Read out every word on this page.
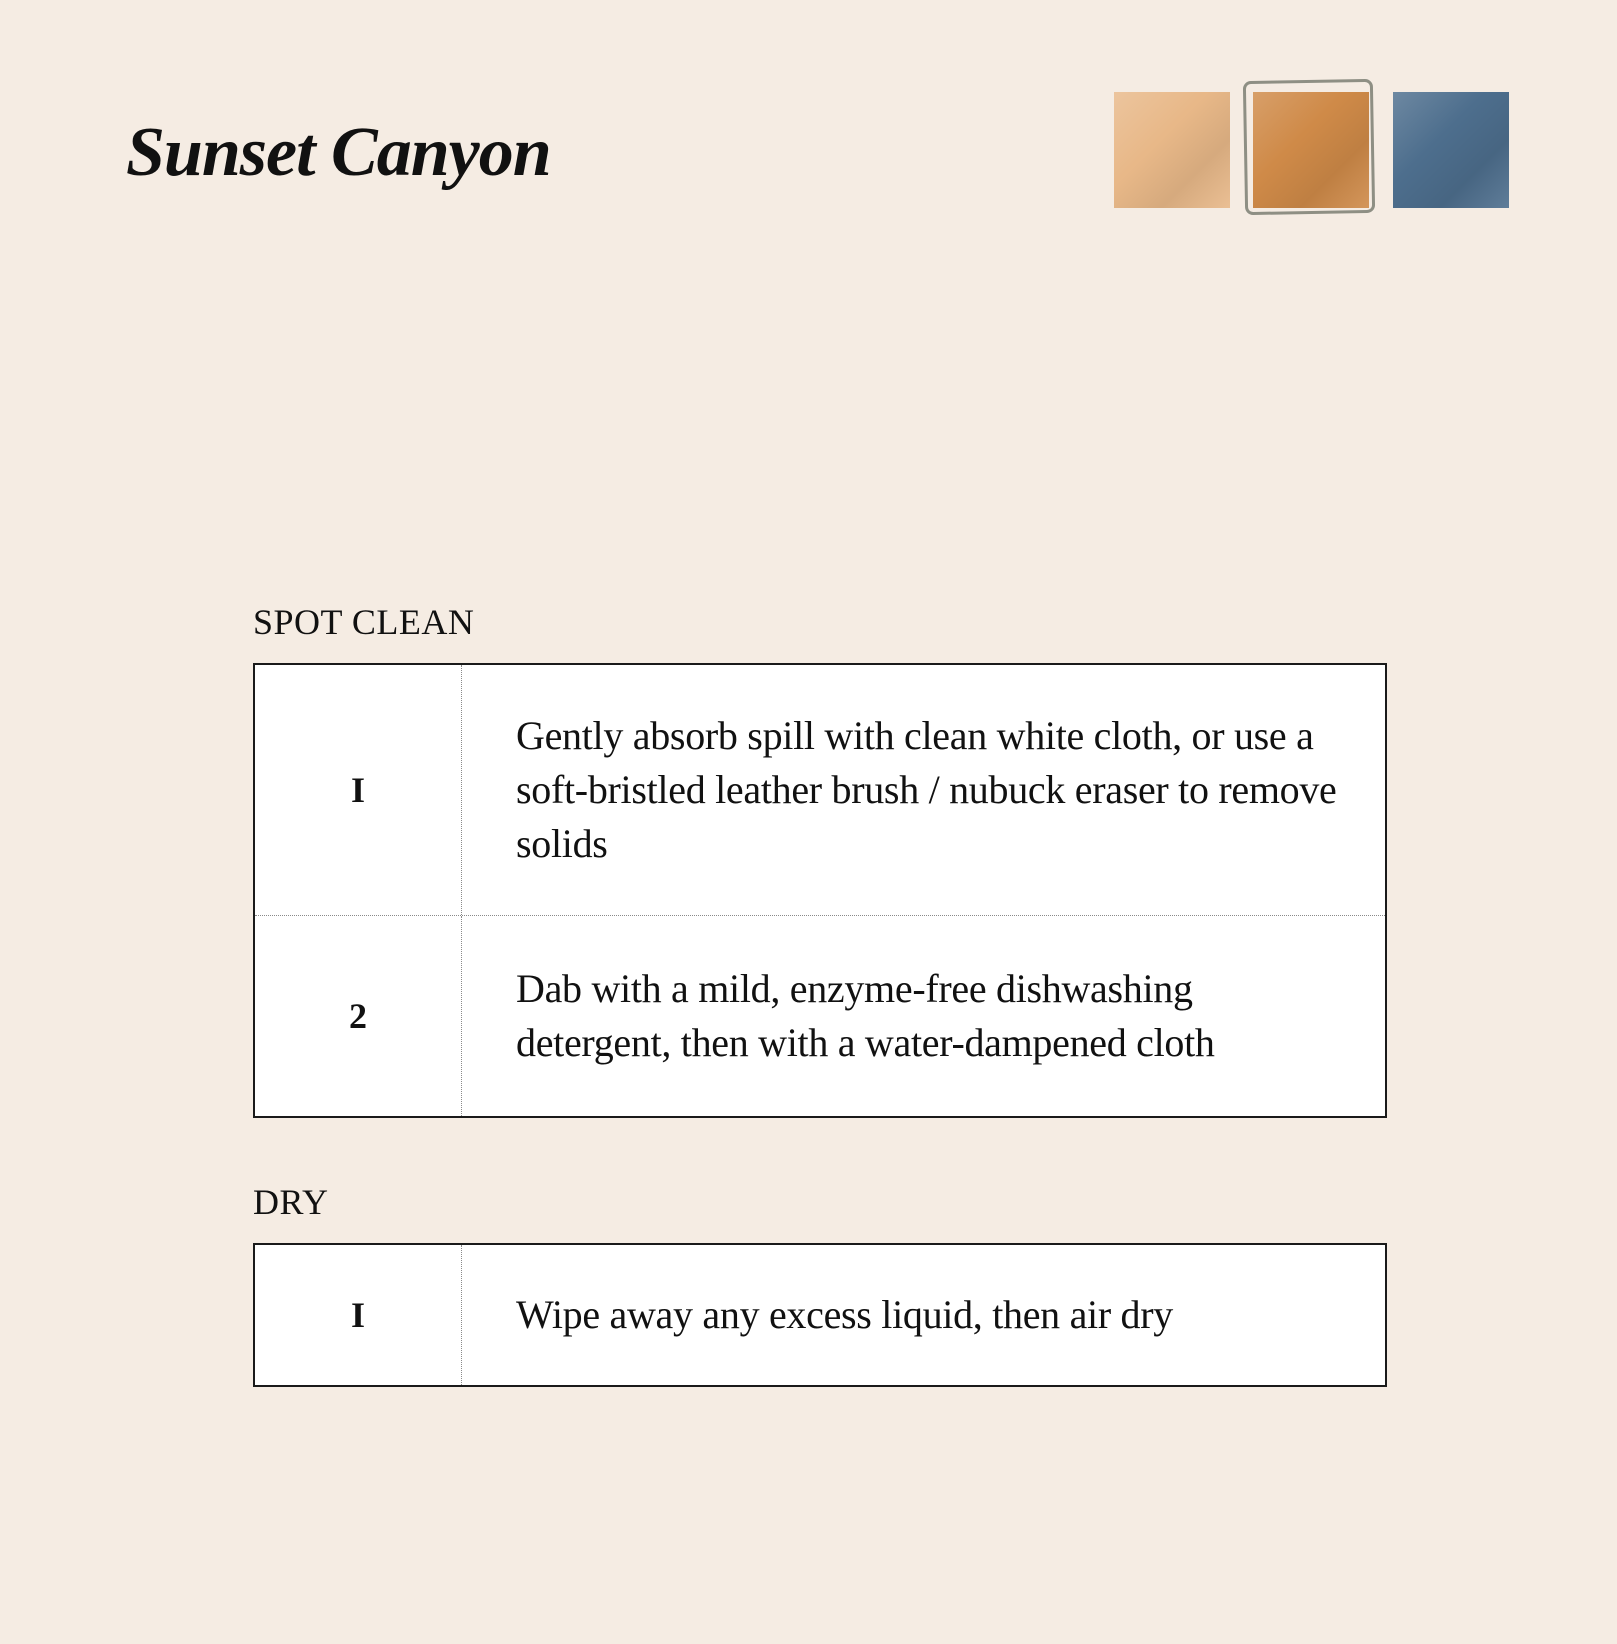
Sunset Canyon
SPOT CLEAN
I
Gently absorb spill with clean white cloth, or use a soft-bristled leather brush / nubuck eraser to remove solids
2
Dab with a mild, enzyme-free dishwashing detergent, then with a water-dampened cloth
DRY
I	Wipe away any excess liquid, then air dry
